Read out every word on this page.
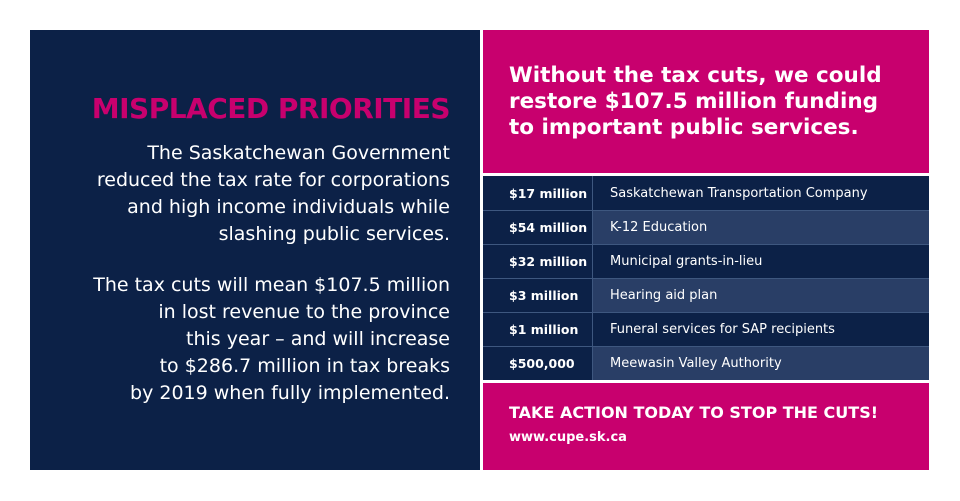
MISPLACED PRIORITIES

The Saskatchewan Government
reduced the tax rate for corporations
and high income individuals while
slashing public services.

The tax cuts will mean $107.5 million
in lost revenue to the province
this year – and will increase
to $286.7 million in tax breaks
by 2019 when fully implemented.

Without the tax cuts, we could
restore $107.5 million funding
to important public services.
$17 million	Saskatchewan Transportation Company
$54 million	K-12 Education
$32 million	Municipal grants-in-lieu
$3 million	Hearing aid plan
$1 million	Funeral services for SAP recipients
$500,000	Meewasin Valley Authority

TAKE ACTION TODAY TO STOP THE CUTS!

www.cupe.sk.ca
